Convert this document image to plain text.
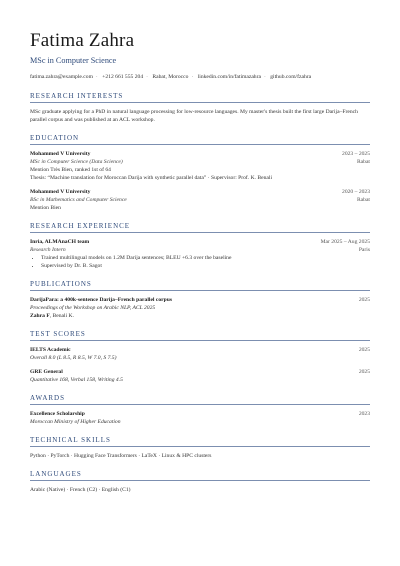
Fatima Zahra
MSc in Computer Science
fatima.zahra@example.com · +212 661 555 204 · Rabat, Morocco · linkedin.com/in/fatimazahra · github.com/fzahra
RESEARCH INTERESTS
MSc graduate applying for a PhD in natural language processing for low-resource languages. My master's thesis built the first large Darija–French parallel corpus and was published at an ACL workshop.
EDUCATION
Mohammed V University	2023 – 2025
MSc in Computer Science (Data Science)	Rabat
Mention Très Bien, ranked 1st of 64
Thesis: “Machine translation for Moroccan Darija with synthetic parallel data” · Supervisor: Prof. K. Benali
Mohammed V University	2020 – 2023
BSc in Mathematics and Computer Science	Rabat
Mention Bien
RESEARCH EXPERIENCE
Inria, ALMAnaCH team	Mar 2025 – Aug 2025
Research Intern	Paris
• Trained multilingual models on 1.2M Darija sentences; BLEU +6.3 over the baseline
• Supervised by Dr. B. Sagot
PUBLICATIONS
DarijaPara: a 400k-sentence Darija–French parallel corpus	2025
Proceedings of the Workshop on Arabic NLP, ACL 2025
Zahra F, Benali K.
TEST SCORES
IELTS Academic	2025
Overall 8.0 (L 8.5, R 8.5, W 7.0, S 7.5)
GRE General	2025
Quantitative 168, Verbal 158, Writing 4.5
AWARDS
Excellence Scholarship	2023
Moroccan Ministry of Higher Education
TECHNICAL SKILLS
Python · PyTorch · Hugging Face Transformers · LaTeX · Linux & HPC clusters
LANGUAGES
Arabic (Native) · French (C2) · English (C1)
